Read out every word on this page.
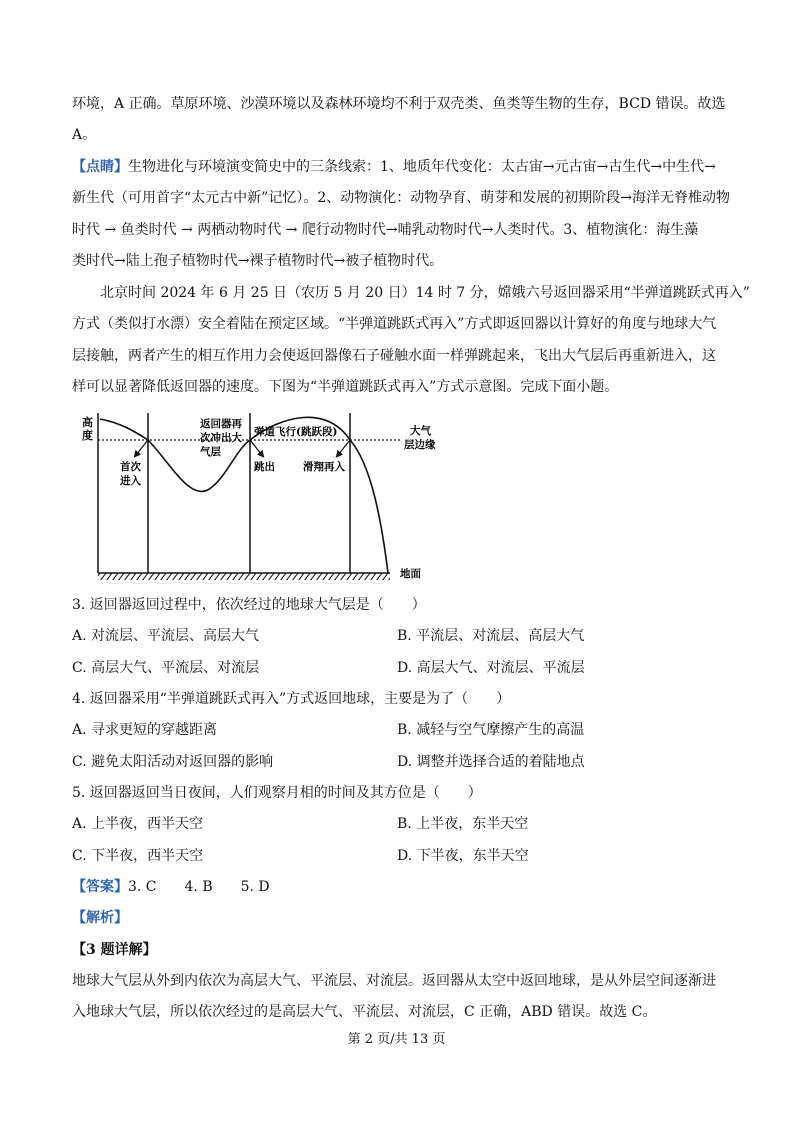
环境，A 正确。草原环境、沙漠环境以及森林环境均不利于双壳类、鱼类等生物的生存，BCD 错误。故选
A。
【点睛】生物进化与环境演变简史中的三条线索：1、地质年代变化：太古宙→元古宙→古生代→中生代→
新生代（可用首字“太元古中新”记忆）。2、动物演化：动物孕育、萌芽和发展的初期阶段→海洋无脊椎动物
时代 → 鱼类时代 → 两栖动物时代 → 爬行动物时代→哺乳动物时代→人类时代。3、植物演化：海生藻
类时代→陆上孢子植物时代→裸子植物时代→被子植物时代。
北京时间 2024 年 6 月 25 日（农历 5 月 20 日）14 时 7 分，嫦娥六号返回器采用“半弹道跳跃式再入”
方式（类似打水漂）安全着陆在预定区域。“半弹道跳跃式再入”方式即返回器以计算好的角度与地球大气
层接触，两者产生的相互作用力会使返回器像石子碰触水面一样弹跳起来，飞出大气层后再重新进入，这
样可以显著降低返回器的速度。下图为“半弹道跳跃式再入”方式示意图。完成下面小题。
高
度
返回器再
次冲出大
气层
弹道飞行(跳跃段)	大气
层边缘
首次
进入
跳出	滑翔再入
地面
3. 返回器返回过程中，依次经过的地球大气层是（　　）
A. 对流层、平流层、高层大气	B. 平流层、对流层、高层大气
C. 高层大气、平流层、对流层	D. 高层大气、对流层、平流层
4. 返回器采用“半弹道跳跃式再入”方式返回地球，主要是为了（　　）
A. 寻求更短的穿越距离	B. 减轻与空气摩擦产生的高温
C. 避免太阳活动对返回器的影响	D. 调整并选择合适的着陆地点
5. 返回器返回当日夜间，人们观察月相的时间及其方位是（　　）
A. 上半夜，西半天空	B. 上半夜，东半天空
C. 下半夜，西半天空	D. 下半夜，东半天空
【答案】3. C　　4. B　　5. D
【解析】
【3 题详解】
地球大气层从外到内依次为高层大气、平流层、对流层。返回器从太空中返回地球，是从外层空间逐渐进
入地球大气层，所以依次经过的是高层大气、平流层、对流层，C 正确，ABD 错误。故选 C。
第 2 页/共 13 页
